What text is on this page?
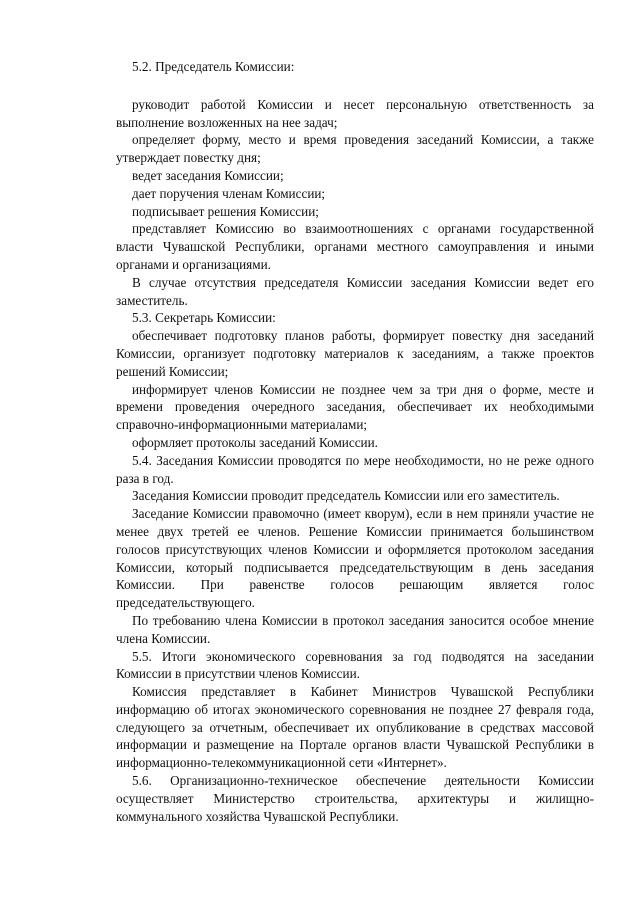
5.2. Председатель Комиссии:

руководит работой Комиссии и несет персональную ответственность за выполнение возложенных на нее задач;

определяет форму, место и время проведения заседаний Комиссии, а также утверждает повестку дня;

ведет заседания Комиссии;

дает поручения членам Комиссии;

подписывает решения Комиссии;

представляет Комиссию во взаимоотношениях с органами государственной власти Чувашской Республики, органами местного самоуправления и иными органами и организациями.

В случае отсутствия председателя Комиссии заседания Комиссии ведет его заместитель.

5.3. Секретарь Комиссии:

обеспечивает подготовку планов работы, формирует повестку дня заседаний Комиссии, организует подготовку материалов к заседаниям, а также проектов решений Комиссии;

информирует членов Комиссии не позднее чем за три дня о форме, месте и времени проведения очередного заседания, обеспечивает их необходимыми справочно-информационными материалами;

оформляет протоколы заседаний Комиссии.

5.4. Заседания Комиссии проводятся по мере необходимости, но не реже одного раза в год.

Заседания Комиссии проводит председатель Комиссии или его заместитель.

Заседание Комиссии правомочно (имеет кворум), если в нем приняли участие не менее двух третей ее членов. Решение Комиссии принимается большинством голосов присутствующих членов Комиссии и оформляется протоколом заседания Комиссии, который подписывается председательствующим в день заседания Комиссии. При равенстве голосов решающим является голос председательствующего.

По требованию члена Комиссии в протокол заседания заносится особое мнение члена Комиссии.

5.5. Итоги экономического соревнования за год подводятся на заседании Комиссии в присутствии членов Комиссии.

Комиссия представляет в Кабинет Министров Чувашской Республики информацию об итогах экономического соревнования не позднее 27 февраля года, следующего за отчетным, обеспечивает их опубликование в средствах массовой информации и размещение на Портале органов власти Чувашской Республики в информационно-телекоммуникационной сети «Интернет».

5.6. Организационно-техническое обеспечение деятельности Комиссии осуществляет Министерство строительства, архитектуры и жилищно-коммунального хозяйства Чувашской Республики.
